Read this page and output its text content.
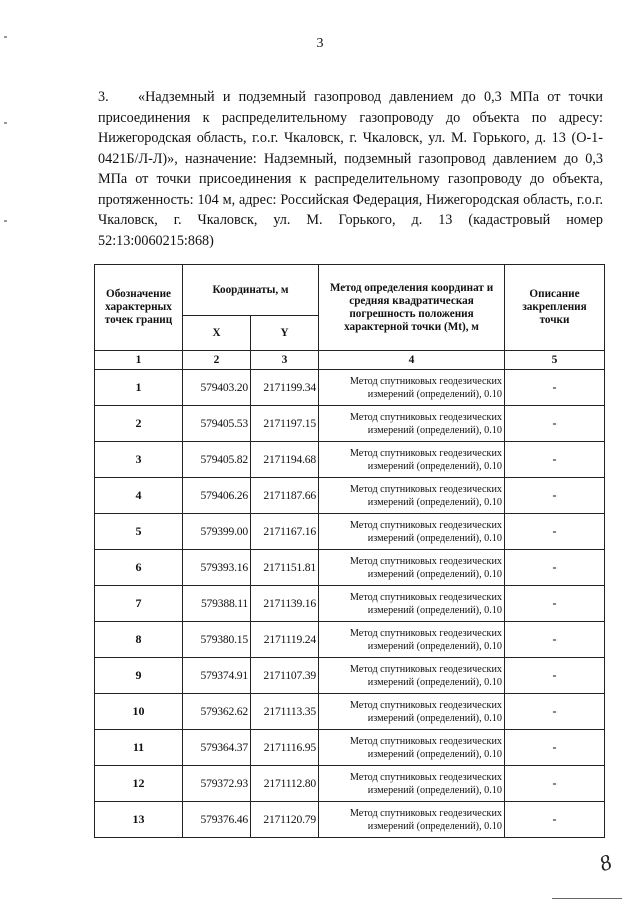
3
3. «Надземный и подземный газопровод давлением до 0,3 МПа от точки присоединения к распределительному газопроводу до объекта по адресу: Нижегородская область, г.о.г. Чкаловск, г. Чкаловск, ул. М. Горького, д. 13 (О-1-0421Б/Л-Л)», назначение: Надземный, подземный газопровод давлением до 0,3 МПа от точки присоединения к распределительному газопроводу до объекта, протяженность: 104 м, адрес: Российская Федерация, Нижегородская область, г.о.г. Чкаловск, г. Чкаловск, ул. М. Горького, д. 13 (кадастровый номер 52:13:0060215:868)
Обозначение характерных точек границ	Координаты, м		Метод определения координат и средняя квадратическая погрешность положения характерной точки (Mt), м	Описание закрепления точки
	X	Y		
1	2	3	4	5
1	579403.20	2171199.34	Метод спутниковых геодезических измерений (определений), 0.10	-
2	579405.53	2171197.15	Метод спутниковых геодезических измерений (определений), 0.10	-
3	579405.82	2171194.68	Метод спутниковых геодезических измерений (определений), 0.10	-
4	579406.26	2171187.66	Метод спутниковых геодезических измерений (определений), 0.10	-
5	579399.00	2171167.16	Метод спутниковых геодезических измерений (определений), 0.10	-
6	579393.16	2171151.81	Метод спутниковых геодезических измерений (определений), 0.10	-
7	579388.11	2171139.16	Метод спутниковых геодезических измерений (определений), 0.10	-
8	579380.15	2171119.24	Метод спутниковых геодезических измерений (определений), 0.10	-
9	579374.91	2171107.39	Метод спутниковых геодезических измерений (определений), 0.10	-
10	579362.62	2171113.35	Метод спутниковых геодезических измерений (определений), 0.10	-
11	579364.37	2171116.95	Метод спутниковых геодезических измерений (определений), 0.10	-
12	579372.93	2171112.80	Метод спутниковых геодезических измерений (определений), 0.10	-
13	579376.46	2171120.79	Метод спутниковых геодезических измерений (определений), 0.10	-
8
